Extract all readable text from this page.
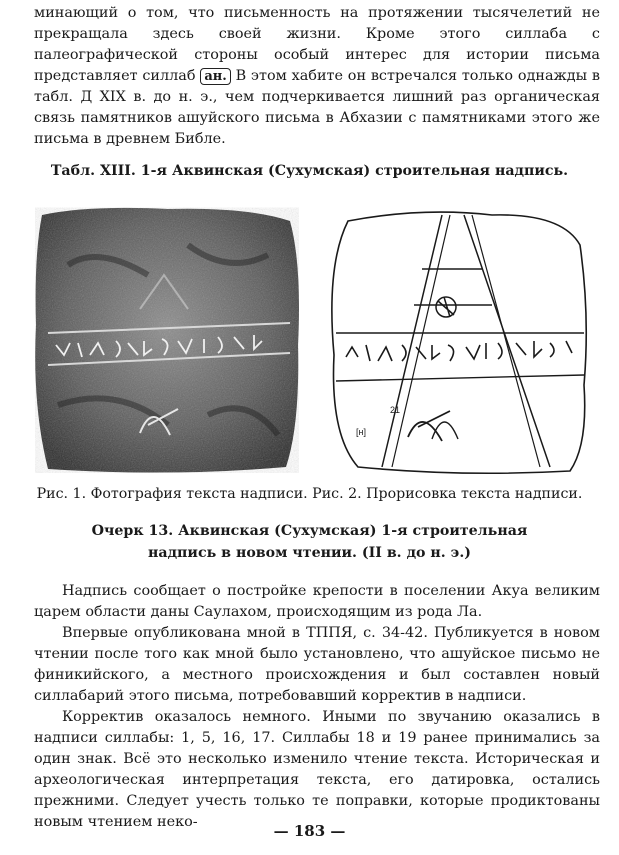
минающий о том, что письменность на протяжении тысячелетий не прекращала здесь своей жизни. Кроме этого силлаба с палеографической стороны особый интерес для истории письма представляет силлаб ан. В этом хабите он встречался только однажды в табл. Д XIX в. до н. э., чем подчеркивается лишний раз органическая связь памятников ашуйского письма в Абхазии с памятниками этого же письма в древнем Библе.

Табл. XIII. 1-я Аквинская (Сухумская) строительная надпись.

21
[н]

Рис. 1. Фотография текста надписи. Рис. 2. Прорисовка текста надписи.

Очерк 13. Аквинская (Сухумская) 1-я строительная

надпись в новом чтении. (II в. до н. э.)

Надпись сообщает о постройке крепости в поселении Акуа великим царем области даны Саулахом, происходящим из рода Ла.

Впервые опубликована мной в ТППЯ, с. 34-42. Публикуется в новом чтении после того как мной было установлено, что ашуйское письмо не финикийского, а местного происхождения и был составлен новый силлабарий этого письма, потребовавший корректив в надписи.

Корректив оказалось немного. Иными по звучанию оказались в надписи силлабы: 1, 5, 16, 17. Силлабы 18 и 19 ранее принимались за один знак. Всё это несколько изменило чтение текста. Историческая и археологическая интерпретация текста, его датировка, остались прежними. Следует учесть только те поправки, которые продиктованы новым чтением неко-	— 183 —
